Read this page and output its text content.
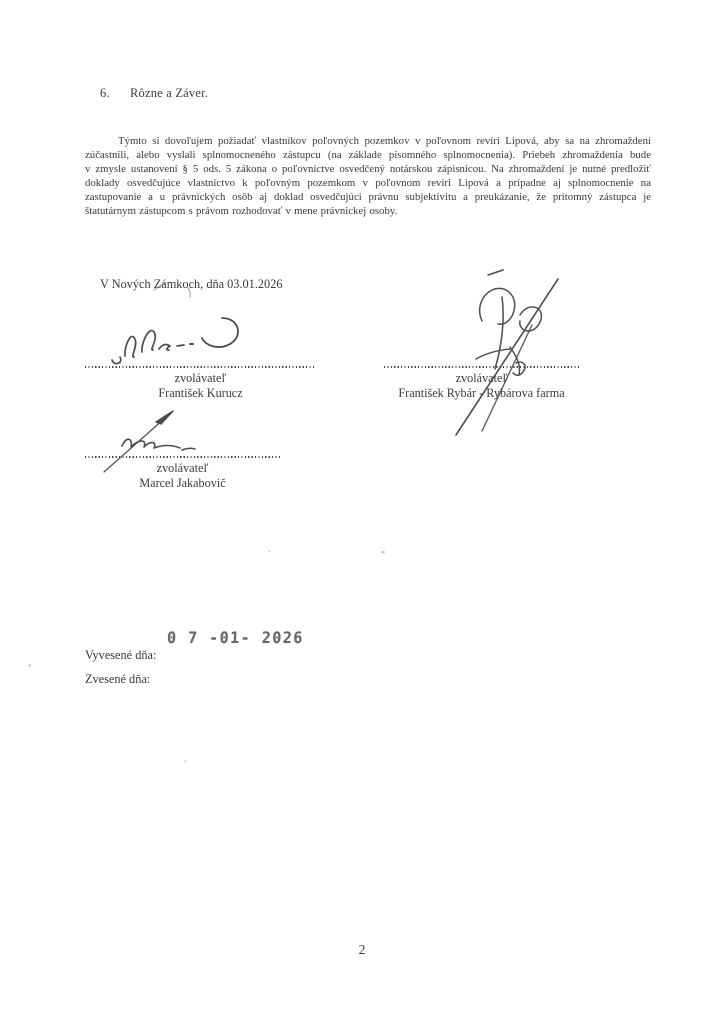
6. Rôzne a Záver.
Týmto si dovoľujem požiadať vlastníkov poľovných pozemkov v poľovnom revíri Lipová, aby sa na zhromaždení
zúčastnili, alebo vyslali splnomocneného zástupcu (na základe písomného splnomocnenia). Priebeh zhromaždenia bude
v zmysle ustanovení § 5 ods. 5 zákona o poľovníctve osvedčený notárskou zápisnicou. Na zhromaždení je nutné predložiť
doklady osvedčujúce vlastníctvo k poľovným pozemkom v poľovnom revíri Lipová a prípadne aj splnomocnenie na
zastupovanie a u právnických osôb aj doklad osvedčujúci právnu subjektivitu a preukázanie, že prítomný zástupca je
štatutárnym zástupcom s právom rozhodovať v mene právnickej osoby.
V Nových Zámkoch, dňa 03.01.2026
zvolávateľ
František Kurucz
zvolávateľ
František Rybár - Rybárova farma
zvolávateľ
Marcel Jakabovič
Vyvesené dňa:
0 7 -01- 2026
Zvesené dňa:
2
